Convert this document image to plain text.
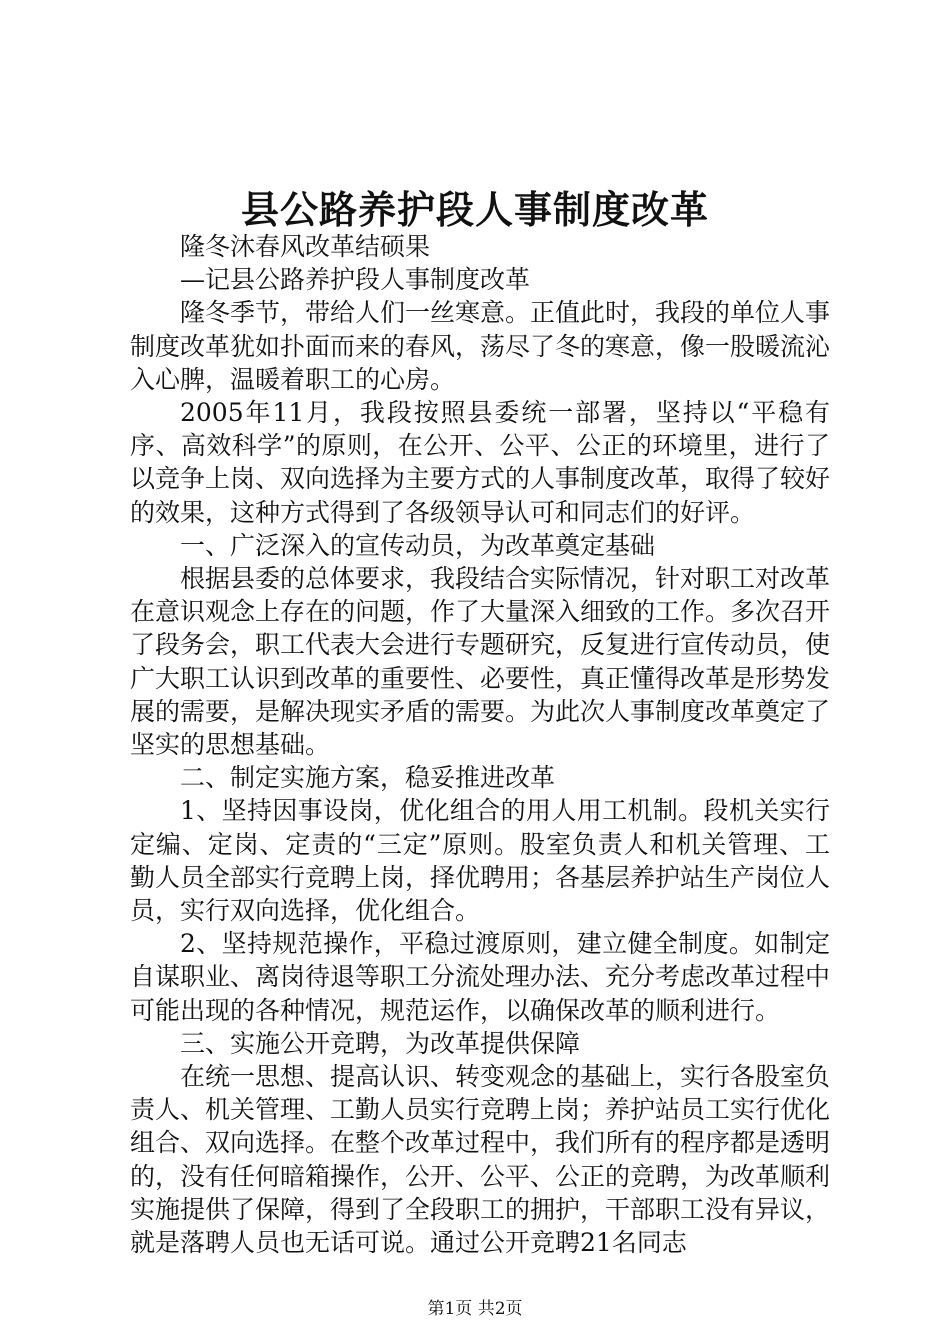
县公路养护段人事制度改革

隆冬沐春风改革结硕果

—记县公路养护段人事制度改革

隆冬季节，带给人们一丝寒意。正值此时，我段的单位人事制度改革犹如扑面而来的春风，荡尽了冬的寒意，像一股暖流沁入心脾，温暖着职工的心房。

2005年11月，我段按照县委统一部署，坚持以“平稳有序、高效科学”的原则，在公开、公平、公正的环境里，进行了以竞争上岗、双向选择为主要方式的人事制度改革，取得了较好的效果，这种方式得到了各级领导认可和同志们的好评。

一、广泛深入的宣传动员，为改革奠定基础

根据县委的总体要求，我段结合实际情况，针对职工对改革在意识观念上存在的问题，作了大量深入细致的工作。多次召开了段务会，职工代表大会进行专题研究，反复进行宣传动员，使广大职工认识到改革的重要性、必要性，真正懂得改革是形势发展的需要，是解决现实矛盾的需要。为此次人事制度改革奠定了坚实的思想基础。

二、制定实施方案，稳妥推进改革

1、坚持因事设岗，优化组合的用人用工机制。段机关实行定编、定岗、定责的“三定”原则。股室负责人和机关管理、工勤人员全部实行竞聘上岗，择优聘用；各基层养护站生产岗位人员，实行双向选择，优化组合。

2、坚持规范操作，平稳过渡原则，建立健全制度。如制定自谋职业、离岗待退等职工分流处理办法、充分考虑改革过程中可能出现的各种情况，规范运作，以确保改革的顺利进行。

三、实施公开竞聘，为改革提供保障

在统一思想、提高认识、转变观念的基础上，实行各股室负责人、机关管理、工勤人员实行竞聘上岗；养护站员工实行优化组合、双向选择。在整个改革过程中，我们所有的程序都是透明的，没有任何暗箱操作，公开、公平、公正的竞聘，为改革顺利实施提供了保障，得到了全段职工的拥护，干部职工没有异议，就是落聘人员也无话可说。通过公开竞聘21名同志

第1页 共2页
